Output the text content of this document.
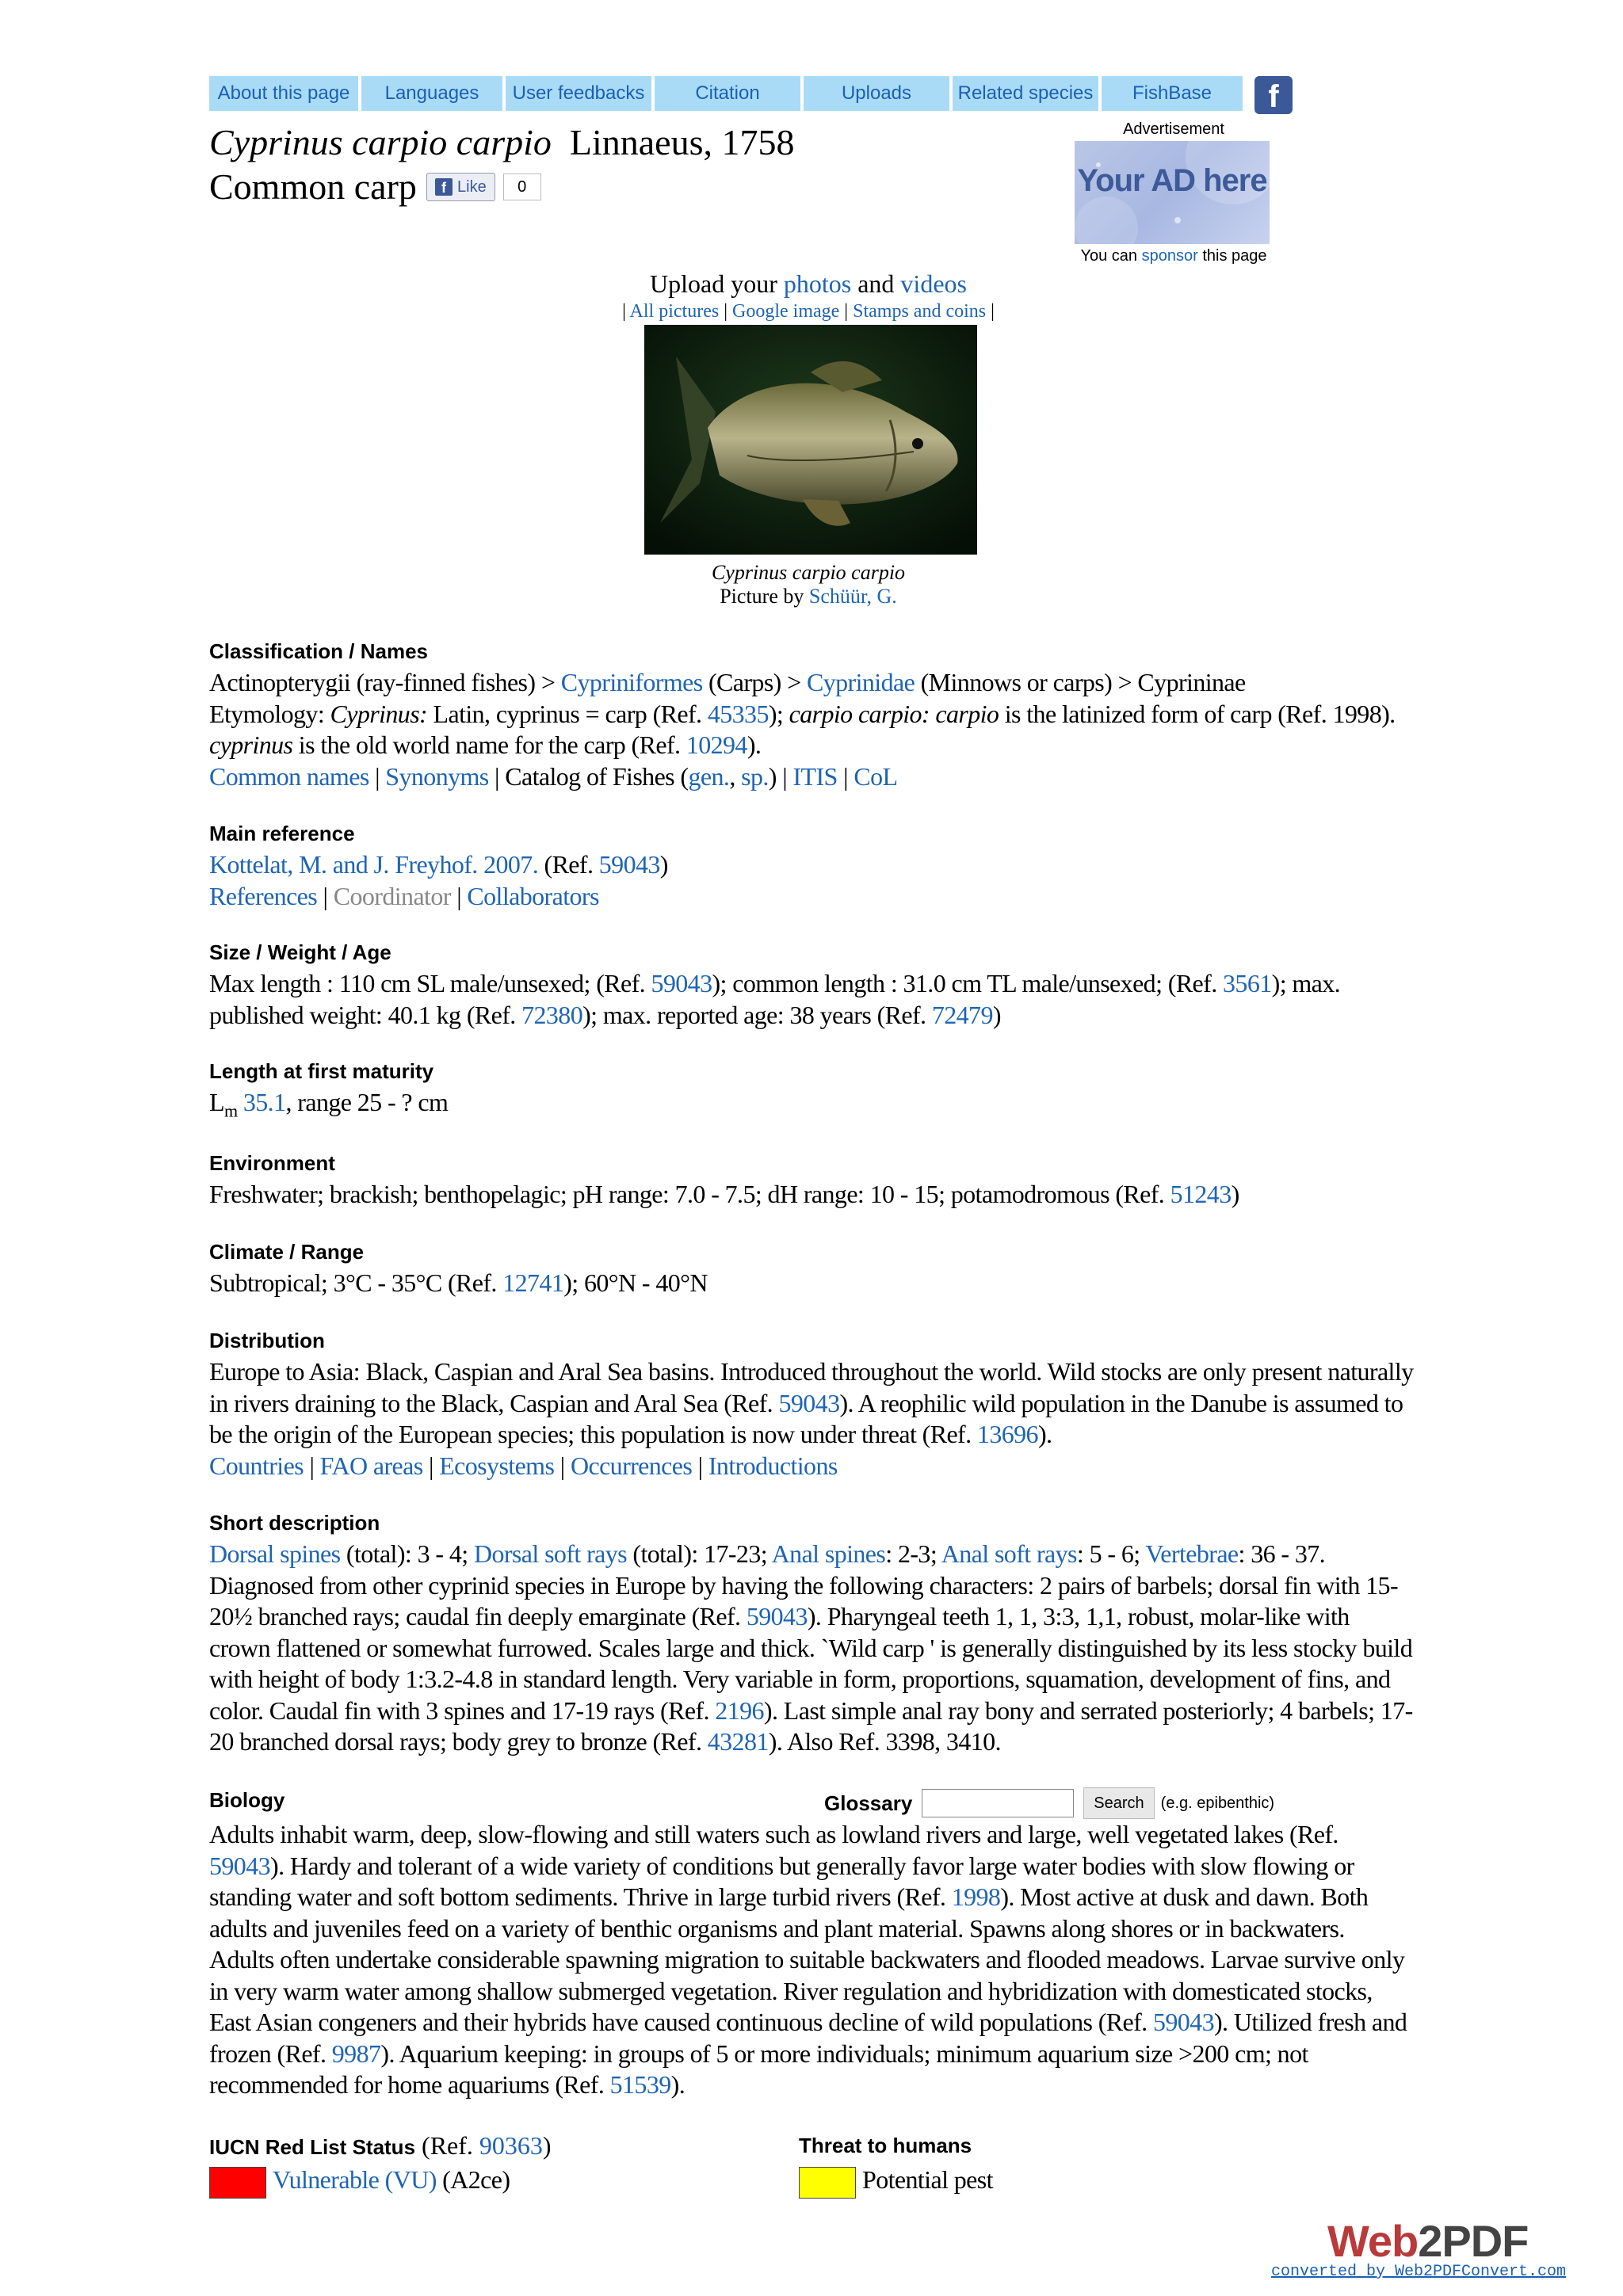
About this page	Languages	User feedbacks	Citation	Uploads	Related species	FishBase	f
Cyprinus carpio carpio Linnaeus, 1758
Common carp	f Like	0
Advertisement
Your AD here
You can sponsor this page
Upload your photos and videos
| All pictures | Google image | Stamps and coins |
Cyprinus carpio carpio
Picture by Schüür, G.
Classification / Names
Actinopterygii (ray-finned fishes) > Cypriniformes (Carps) > Cyprinidae (Minnows or carps) > Cyprininae
Etymology: Cyprinus: Latin, cyprinus = carp (Ref. 45335); carpio carpio: carpio is the latinized form of carp (Ref. 1998).
cyprinus is the old world name for the carp (Ref. 10294).
Common names | Synonyms | Catalog of Fishes (gen., sp.) | ITIS | CoL
Main reference
Kottelat, M. and J. Freyhof. 2007. (Ref. 59043)
References | Coordinator | Collaborators
Size / Weight / Age
Max length : 110 cm SL male/unsexed; (Ref. 59043); common length : 31.0 cm TL male/unsexed; (Ref. 3561); max. published weight: 40.1 kg (Ref. 72380); max. reported age: 38 years (Ref. 72479)
Length at first maturity
$L_m$ 35.1, range 25 - ? cm
Environment
Freshwater; brackish; benthopelagic; pH range: 7.0 - 7.5; dH range: 10 - 15; potamodromous (Ref. 51243)
Climate / Range
Subtropical; 3°C - 35°C (Ref. 12741); 60°N - 40°N
Distribution
Europe to Asia: Black, Caspian and Aral Sea basins. Introduced throughout the world. Wild stocks are only present naturally in rivers draining to the Black, Caspian and Aral Sea (Ref. 59043). A reophilic wild population in the Danube is assumed to be the origin of the European species; this population is now under threat (Ref. 13696).
Countries | FAO areas | Ecosystems | Occurrences | Introductions
Short description
Dorsal spines (total): 3 - 4; Dorsal soft rays (total): 17-23; Anal spines: 2-3; Anal soft rays: 5 - 6; Vertebrae: 36 - 37. Diagnosed from other cyprinid species in Europe by having the following characters: 2 pairs of barbels; dorsal fin with 15-20½ branched rays; caudal fin deeply emarginate (Ref. 59043). Pharyngeal teeth 1, 1, 3:3, 1,1, robust, molar-like with crown flattened or somewhat furrowed. Scales large and thick. `Wild carp ' is generally distinguished by its less stocky build with height of body 1:3.2-4.8 in standard length. Very variable in form, proportions, squamation, development of fins, and color. Caudal fin with 3 spines and 17-19 rays (Ref. 2196). Last simple anal ray bony and serrated posteriorly; 4 barbels; 17-20 branched dorsal rays; body grey to bronze (Ref. 43281). Also Ref. 3398, 3410.
Glossary	Search	(e.g. epibenthic)
Biology
Adults inhabit warm, deep, slow-flowing and still waters such as lowland rivers and large, well vegetated lakes (Ref. 59043). Hardy and tolerant of a wide variety of conditions but generally favor large water bodies with slow flowing or standing water and soft bottom sediments. Thrive in large turbid rivers (Ref. 1998). Most active at dusk and dawn. Both adults and juveniles feed on a variety of benthic organisms and plant material. Spawns along shores or in backwaters. Adults often undertake considerable spawning migration to suitable backwaters and flooded meadows. Larvae survive only in very warm water among shallow submerged vegetation. River regulation and hybridization with domesticated stocks, East Asian congeners and their hybrids have caused continuous decline of wild populations (Ref. 59043). Utilized fresh and frozen (Ref. 9987). Aquarium keeping: in groups of 5 or more individuals; minimum aquarium size >200 cm; not recommended for home aquariums (Ref. 51539).
IUCN Red List Status (Ref. 90363)
Vulnerable (VU) (A2ce)
Threat to humans
Potential pest
Web2PDF
converted by Web2PDFConvert.com
